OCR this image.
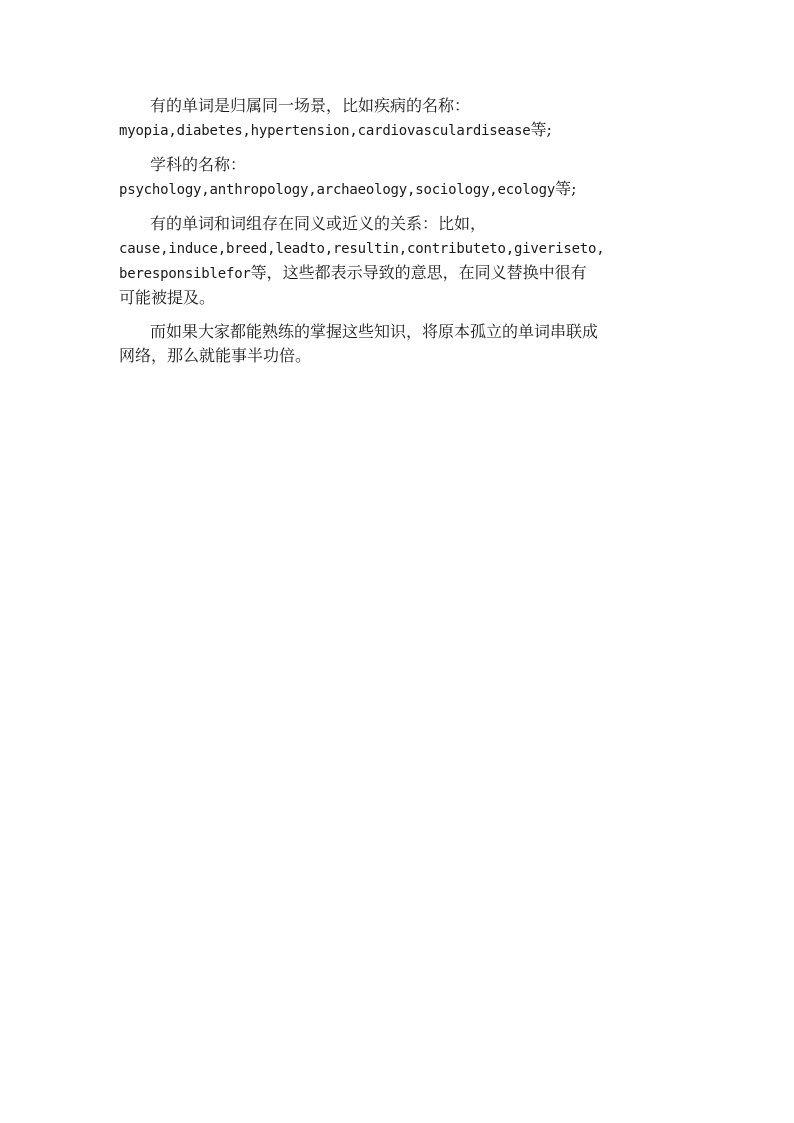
有的单词是归属同一场景，比如疾病的名称：
myopia,diabetes,hypertension,cardiovasculardisease等;

学科的名称：
psychology,anthropology,archaeology,sociology,ecology等;

有的单词和词组存在同义或近义的关系：比如，
cause,induce,breed,leadto,resultin,contributeto,giveriseto,
beresponsiblefor等，这些都表示导致的意思，在同义替换中很有
可能被提及。

而如果大家都能熟练的掌握这些知识，将原本孤立的单词串联成
网络，那么就能事半功倍。
